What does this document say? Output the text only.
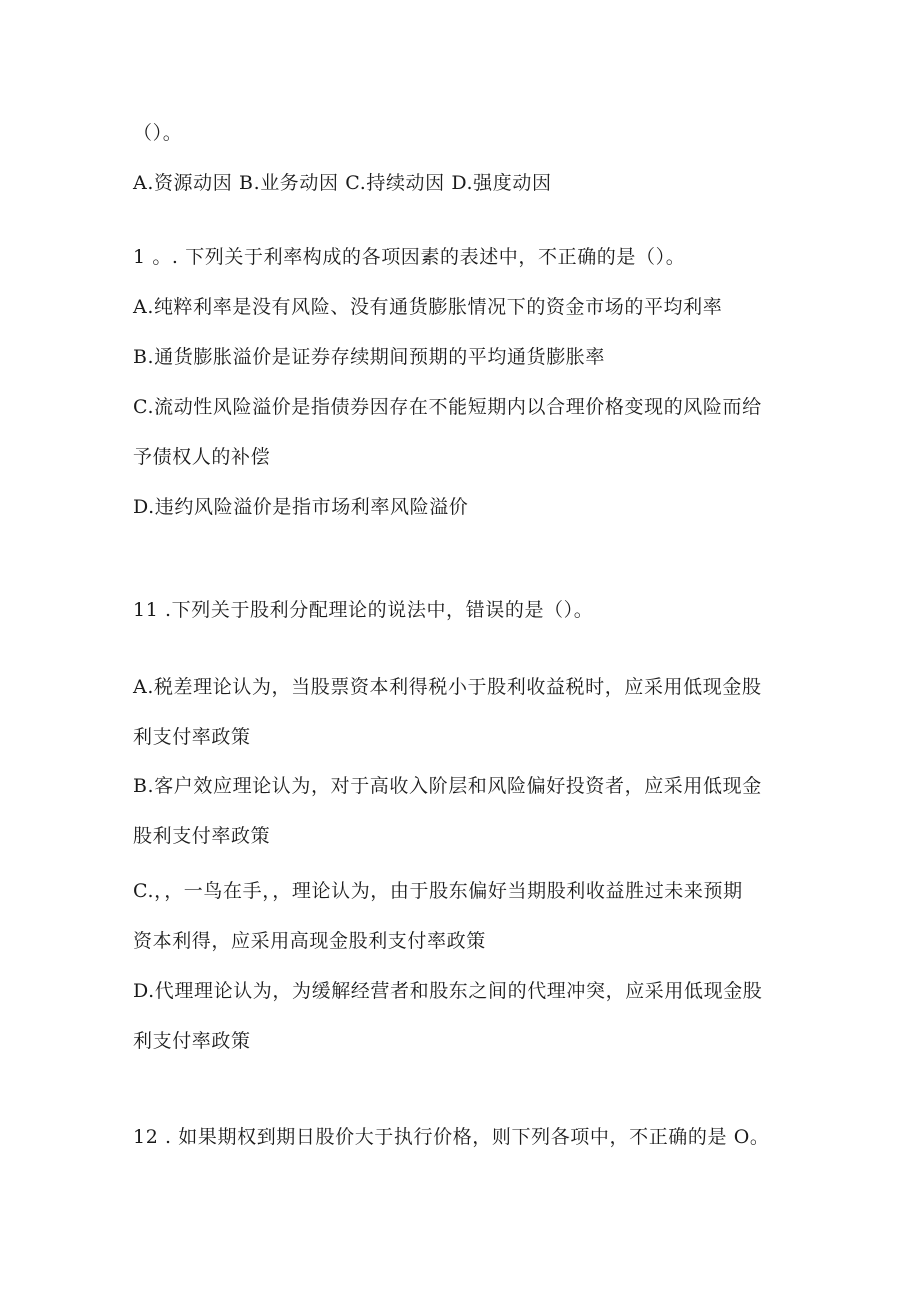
（）。
A.资源动因 B.业务动因 C.持续动因 D.强度动因
1 。. 下列关于利率构成的各项因素的表述中，不正确的是（）。
A.纯粹利率是没有风险、没有通货膨胀情况下的资金市场的平均利率
B.通货膨胀溢价是证券存续期间预期的平均通货膨胀率
C.流动性风险溢价是指债券因存在不能短期内以合理价格变现的风险而给
予债权人的补偿
D.违约风险溢价是指市场利率风险溢价
11 .下列关于股利分配理论的说法中，错误的是（）。
A.税差理论认为，当股票资本利得税小于股利收益税时，应采用低现金股
利支付率政策
B.客户效应理论认为，对于高收入阶层和风险偏好投资者，应采用低现金
股利支付率政策
C.，，一鸟在手，，理论认为，由于股东偏好当期股利收益胜过未来预期
资本利得，应采用高现金股利支付率政策
D.代理理论认为，为缓解经营者和股东之间的代理冲突，应采用低现金股
利支付率政策
12 . 如果期权到期日股价大于执行价格，则下列各项中，不正确的是 O。
